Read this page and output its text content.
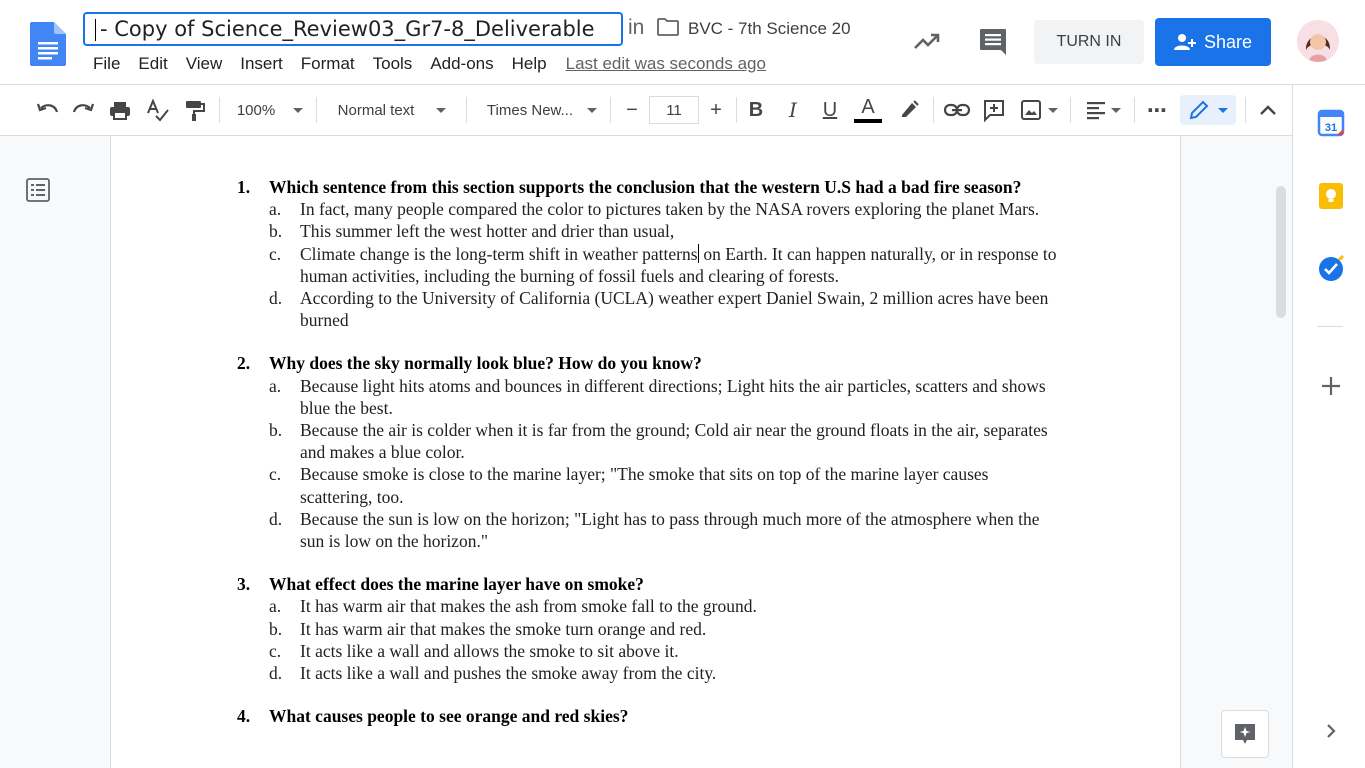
- Copy of Science_Review03_Gr7-8_Deliverable	in	BVC - 7th Science 20
File	Edit	View	Insert	Format	Tools	Add-ons	Help	Last edit was seconds ago
TURN IN	Share
100%	Normal text	Times New...	−	+	B	I	U	A	⋯
11
1. Which sentence from this section supports the conclusion that the western U.S had a bad fire season?
a. In fact, many people compared the color to pictures taken by the NASA rovers exploring the planet Mars.
b. This summer left the west hotter and drier than usual,
c. Climate change is the long-term shift in weather patterns on Earth. It can happen naturally, or in response to human activities, including the burning of fossil fuels and clearing of forests.
d. According to the University of California (UCLA) weather expert Daniel Swain, 2 million acres have been burned
2. Why does the sky normally look blue? How do you know?
a. Because light hits atoms and bounces in different directions; Light hits the air particles, scatters and shows blue the best.
b. Because the air is colder when it is far from the ground; Cold air near the ground floats in the air, separates and makes a blue color.
c. Because smoke is close to the marine layer; "The smoke that sits on top of the marine layer causes scattering, too.
d. Because the sun is low on the horizon; "Light has to pass through much more of the atmosphere when the sun is low on the horizon."
3. What effect does the marine layer have on smoke?
a. It has warm air that makes the ash from smoke fall to the ground.
b. It has warm air that makes the smoke turn orange and red.
c. It acts like a wall and allows the smoke to sit above it.
d. It acts like a wall and pushes the smoke away from the city.
4. What causes people to see orange and red skies?
31
